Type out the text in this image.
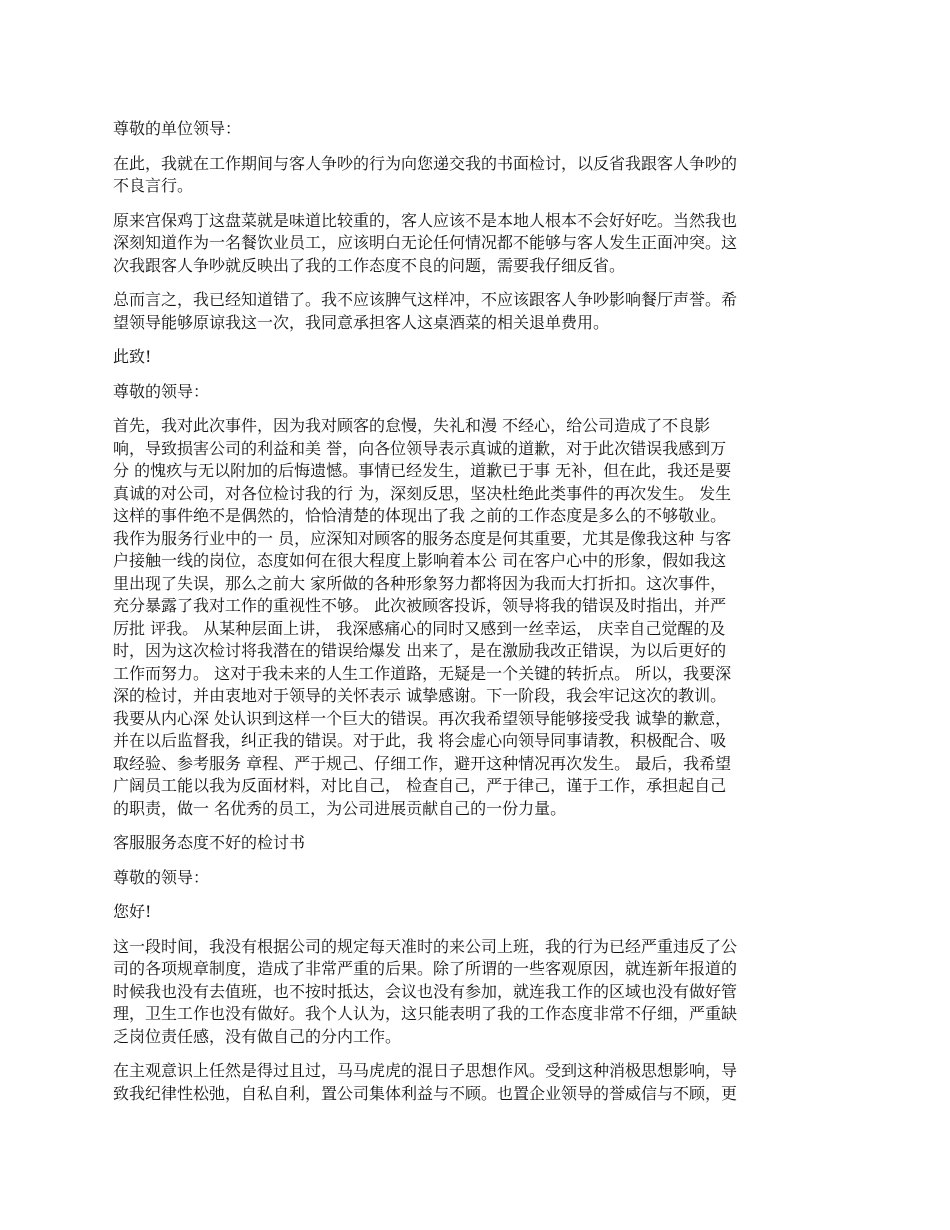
尊敬的单位领导：
在此，我就在工作期间与客人争吵的行为向您递交我的书面检讨，以反省我跟客人争吵的
不良言行。
原来宫保鸡丁这盘菜就是味道比较重的，客人应该不是本地人根本不会好好吃。当然我也
深刻知道作为一名餐饮业员工，应该明白无论任何情况都不能够与客人发生正面冲突。这
次我跟客人争吵就反映出了我的工作态度不良的问题，需要我仔细反省。
总而言之，我已经知道错了。我不应该脾气这样冲，不应该跟客人争吵影响餐厅声誉。希
望领导能够原谅我这一次，我同意承担客人这桌酒菜的相关退单费用。
此致!
尊敬的领导：
首先，我对此次事件，因为我对顾客的怠慢，失礼和漫 不经心，给公司造成了不良影
响，导致损害公司的利益和美 誉，向各位领导表示真诚的道歉，对于此次错误我感到万
分 的愧疚与无以附加的后悔遗憾。事情已经发生，道歉已于事 无补，但在此，我还是要
真诚的对公司，对各位检讨我的行 为，深刻反思，坚决杜绝此类事件的再次发生。 发生
这样的事件绝不是偶然的，恰恰清楚的体现出了我 之前的工作态度是多么的不够敬业。
我作为服务行业中的一 员，应深知对顾客的服务态度是何其重要，尤其是像我这种 与客
户接触一线的岗位，态度如何在很大程度上影响着本公 司在客户心中的形象，假如我这
里出现了失误，那么之前大 家所做的各种形象努力都将因为我而大打折扣。这次事件，
充分暴露了我对工作的重视性不够。 此次被顾客投诉，领导将我的错误及时指出，并严
厉批 评我。 从某种层面上讲， 我深感痛心的同时又感到一丝幸运， 庆幸自己觉醒的及
时，因为这次检讨将我潜在的错误给爆发 出来了，是在激励我改正错误，为以后更好的
工作而努力。 这对于我未来的人生工作道路，无疑是一个关键的转折点。 所以，我要深
深的检讨，并由衷地对于领导的关怀表示 诚挚感谢。下一阶段，我会牢记这次的教训。
我要从内心深 处认识到这样一个巨大的错误。再次我希望领导能够接受我 诚挚的歉意，
并在以后监督我，纠正我的错误。对于此，我 将会虚心向领导同事请教，积极配合、吸
取经验、参考服务 章程、严于规己、仔细工作，避开这种情况再次发生。 最后，我希望
广阔员工能以我为反面材料，对比自己， 检查自己，严于律己，谨于工作，承担起自己
的职责，做一 名优秀的员工，为公司进展贡献自己的一份力量。
客服服务态度不好的检讨书
尊敬的领导：
您好!
这一段时间，我没有根据公司的规定每天准时的来公司上班，我的行为已经严重违反了公
司的各项规章制度，造成了非常严重的后果。除了所谓的一些客观原因，就连新年报道的
时候我也没有去值班，也不按时抵达，会议也没有参加，就连我工作的区域也没有做好管
理，卫生工作也没有做好。我个人认为，这只能表明了我的工作态度非常不仔细，严重缺
乏岗位责任感，没有做自己的分内工作。
在主观意识上任然是得过且过，马马虎虎的混日子思想作风。受到这种消极思想影响，导
致我纪律性松弛，自私自利，置公司集体利益与不顾。也置企业领导的誉威信与不顾，更
